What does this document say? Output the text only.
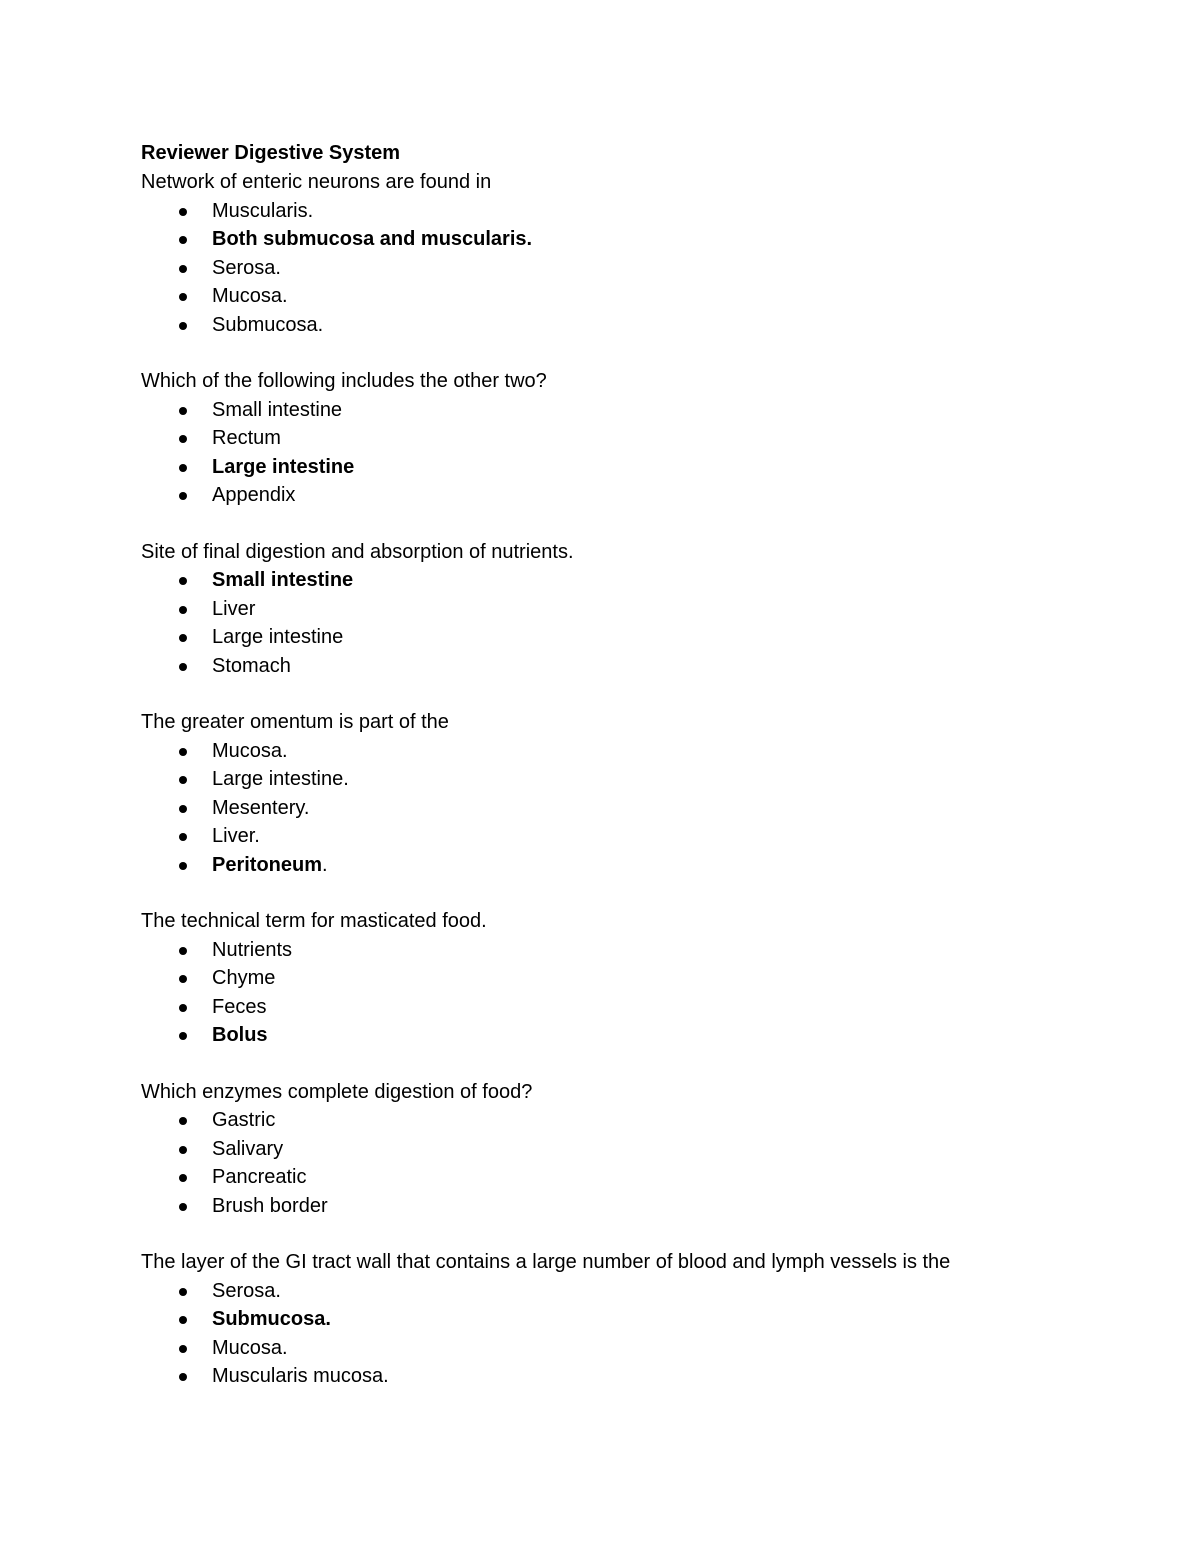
Reviewer Digestive System

Network of enteric neurons are found in

Muscularis.
Both submucosa and muscularis.
Serosa.
Mucosa.
Submucosa.

Which of the following includes the other two?

Small intestine
Rectum
Large intestine
Appendix

Site of final digestion and absorption of nutrients.

Small intestine
Liver
Large intestine
Stomach

The greater omentum is part of the

Mucosa.
Large intestine.
Mesentery.
Liver.
Peritoneum.

The technical term for masticated food.

Nutrients
Chyme
Feces
Bolus

Which enzymes complete digestion of food?

Gastric
Salivary
Pancreatic
Brush border

The layer of the GI tract wall that contains a large number of blood and lymph vessels is the

Serosa.
Submucosa.
Mucosa.
Muscularis mucosa.
